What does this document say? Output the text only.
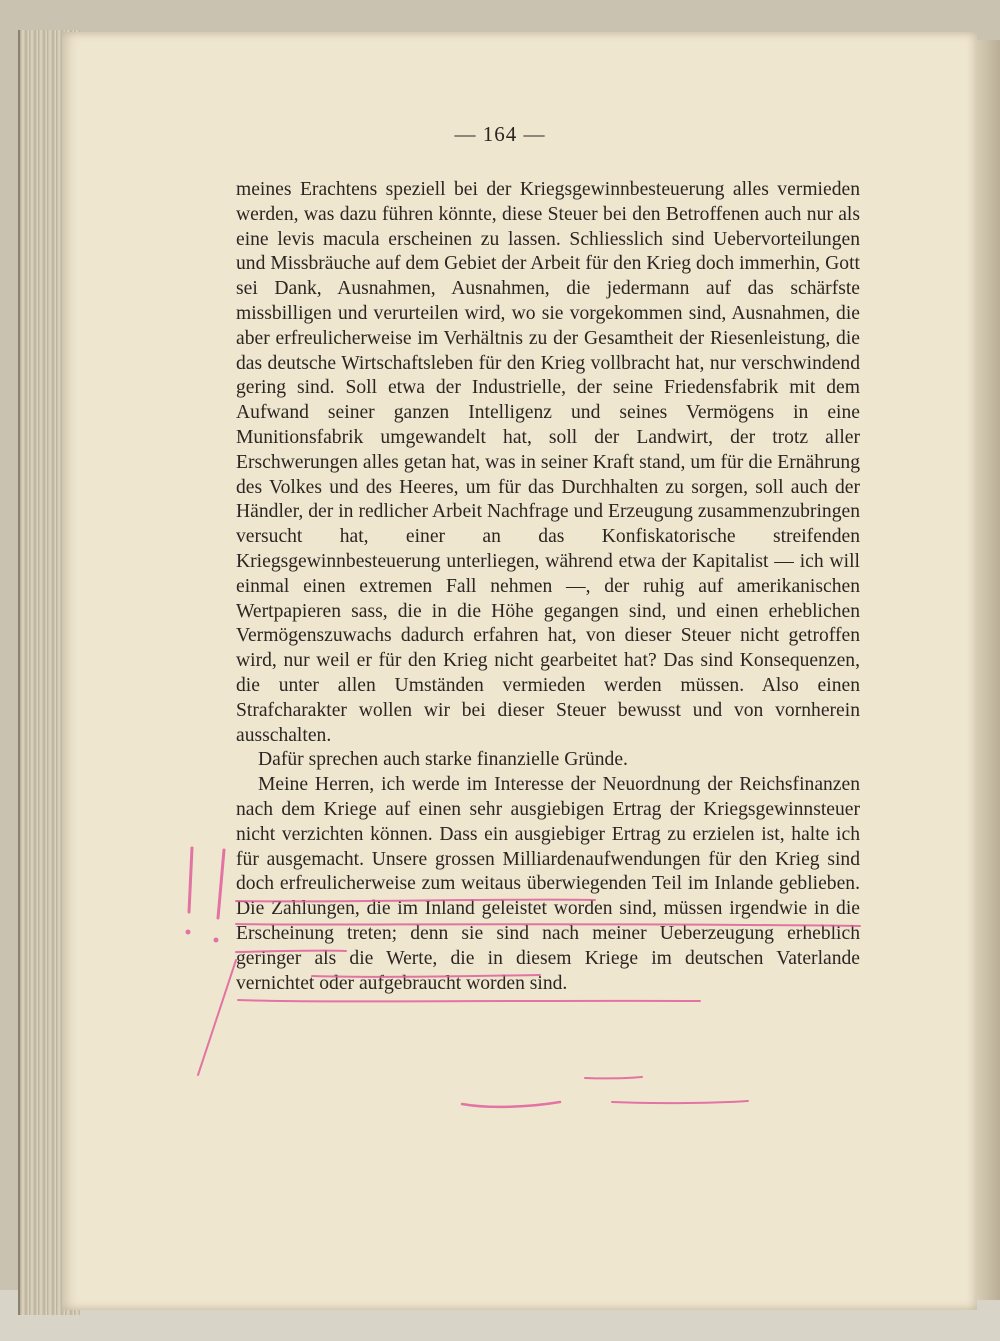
— 164 —

meines Erachtens speziell bei der Kriegsgewinnbesteuerung alles vermieden werden, was dazu führen könnte, diese Steuer bei den Betroffenen auch nur als eine levis macula erscheinen zu lassen. Schliesslich sind Uebervorteilungen und Missbräuche auf dem Gebiet der Arbeit für den Krieg doch immerhin, Gott sei Dank, Ausnahmen, Ausnahmen, die jedermann auf das schärfste missbilligen und verurteilen wird, wo sie vorgekommen sind, Ausnahmen, die aber erfreulicherweise im Verhältnis zu der Gesamtheit der Riesenleistung, die das deutsche Wirtschaftsleben für den Krieg vollbracht hat, nur verschwindend gering sind. Soll etwa der Industrielle, der seine Friedensfabrik mit dem Aufwand seiner ganzen Intelligenz und seines Vermögens in eine Munitionsfabrik umgewandelt hat, soll der Landwirt, der trotz aller Erschwerungen alles getan hat, was in seiner Kraft stand, um für die Ernährung des Volkes und des Heeres, um für das Durchhalten zu sorgen, soll auch der Händler, der in redlicher Arbeit Nachfrage und Erzeugung zusammenzubringen versucht hat, einer an das Konfiskatorische streifenden Kriegsgewinnbesteuerung unterliegen, während etwa der Kapitalist — ich will einmal einen extremen Fall nehmen —, der ruhig auf amerikanischen Wertpapieren sass, die in die Höhe gegangen sind, und einen erheblichen Vermögenszuwachs dadurch erfahren hat, von dieser Steuer nicht getroffen wird, nur weil er für den Krieg nicht gearbeitet hat? Das sind Konsequenzen, die unter allen Umständen vermieden werden müssen. Also einen Strafcharakter wollen wir bei dieser Steuer bewusst und von vornherein ausschalten.

Dafür sprechen auch starke finanzielle Gründe.

Meine Herren, ich werde im Interesse der Neuordnung der Reichsfinanzen nach dem Kriege auf einen sehr ausgiebigen Ertrag der Kriegsgewinnsteuer nicht verzichten können. Dass ein ausgiebiger Ertrag zu erzielen ist, halte ich für ausgemacht. Unsere grossen Milliardenaufwendungen für den Krieg sind doch erfreulicherweise zum weitaus überwiegenden Teil im Inlande geblieben. Die Zahlungen, die im Inland geleistet worden sind, müssen irgendwie in die Erscheinung treten; denn sie sind nach meiner Ueberzeugung erheblich geringer als die Werte, die in diesem Kriege im deutschen Vaterlande vernichtet oder aufgebraucht worden sind.
